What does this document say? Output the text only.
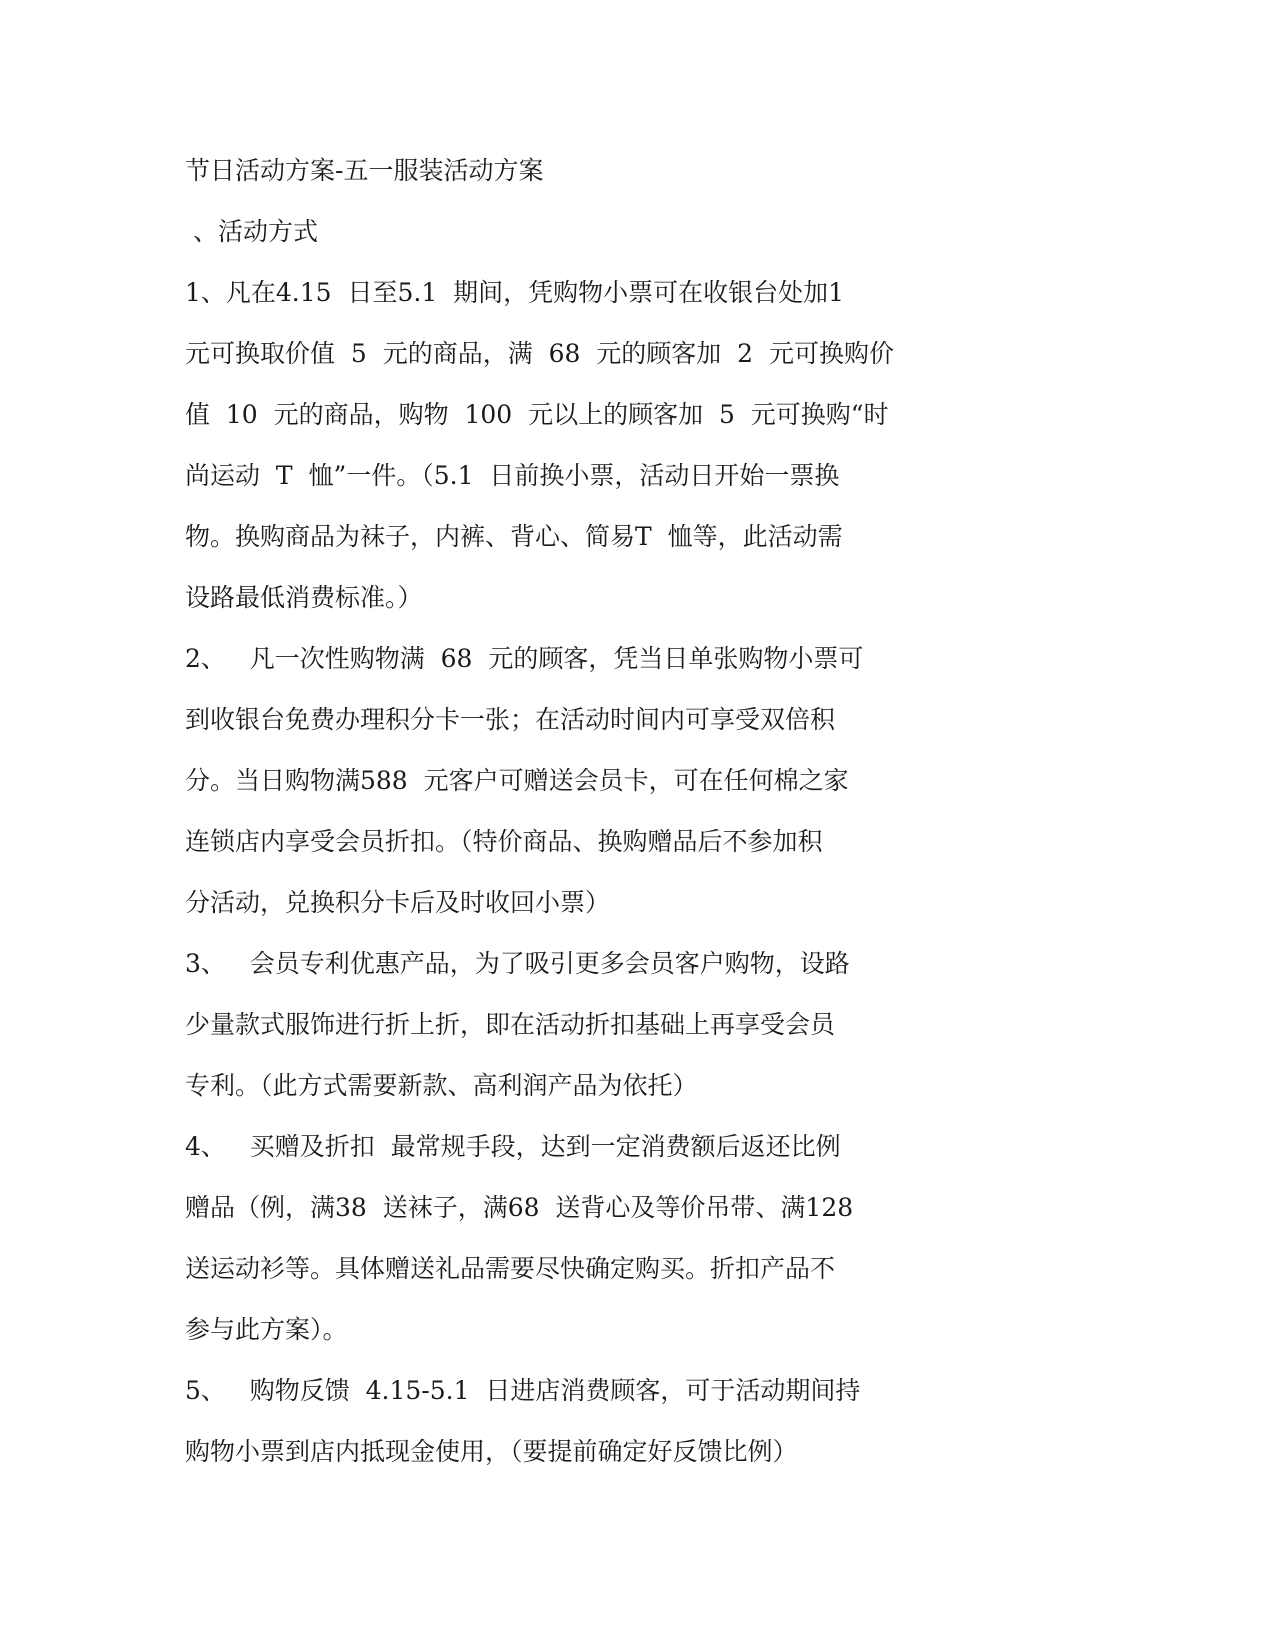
节日活动方案-五一服装活动方案

、活动方式

1、凡在4.15  日至5.1  期间，凭购物小票可在收银台处加1

元可换取价值  5  元的商品，满  68  元的顾客加  2  元可换购价

值  10  元的商品，购物  100  元以上的顾客加  5  元可换购“时

尚运动  T  恤”一件。（5.1  日前换小票，活动日开始一票换

物。换购商品为袜子，内裤、背心、简易T  恤等，此活动需

设路最低消费标准。）

2、   凡一次性购物满  68  元的顾客，凭当日单张购物小票可

到收银台免费办理积分卡一张；在活动时间内可享受双倍积

分。当日购物满588  元客户可赠送会员卡，可在任何棉之家

连锁店内享受会员折扣。（特价商品、换购赠品后不参加积

分活动，兑换积分卡后及时收回小票）

3、   会员专利优惠产品，为了吸引更多会员客户购物，设路

少量款式服饰进行折上折，即在活动折扣基础上再享受会员

专利。（此方式需要新款、高利润产品为依托）

4、   买赠及折扣  最常规手段，达到一定消费额后返还比例

赠品（例，满38  送袜子，满68  送背心及等价吊带、满128

送运动衫等。具体赠送礼品需要尽快确定购买。折扣产品不

参与此方案）。

5、   购物反馈  4.15-5.1  日进店消费顾客，可于活动期间持

购物小票到店内抵现金使用，（要提前确定好反馈比例）
